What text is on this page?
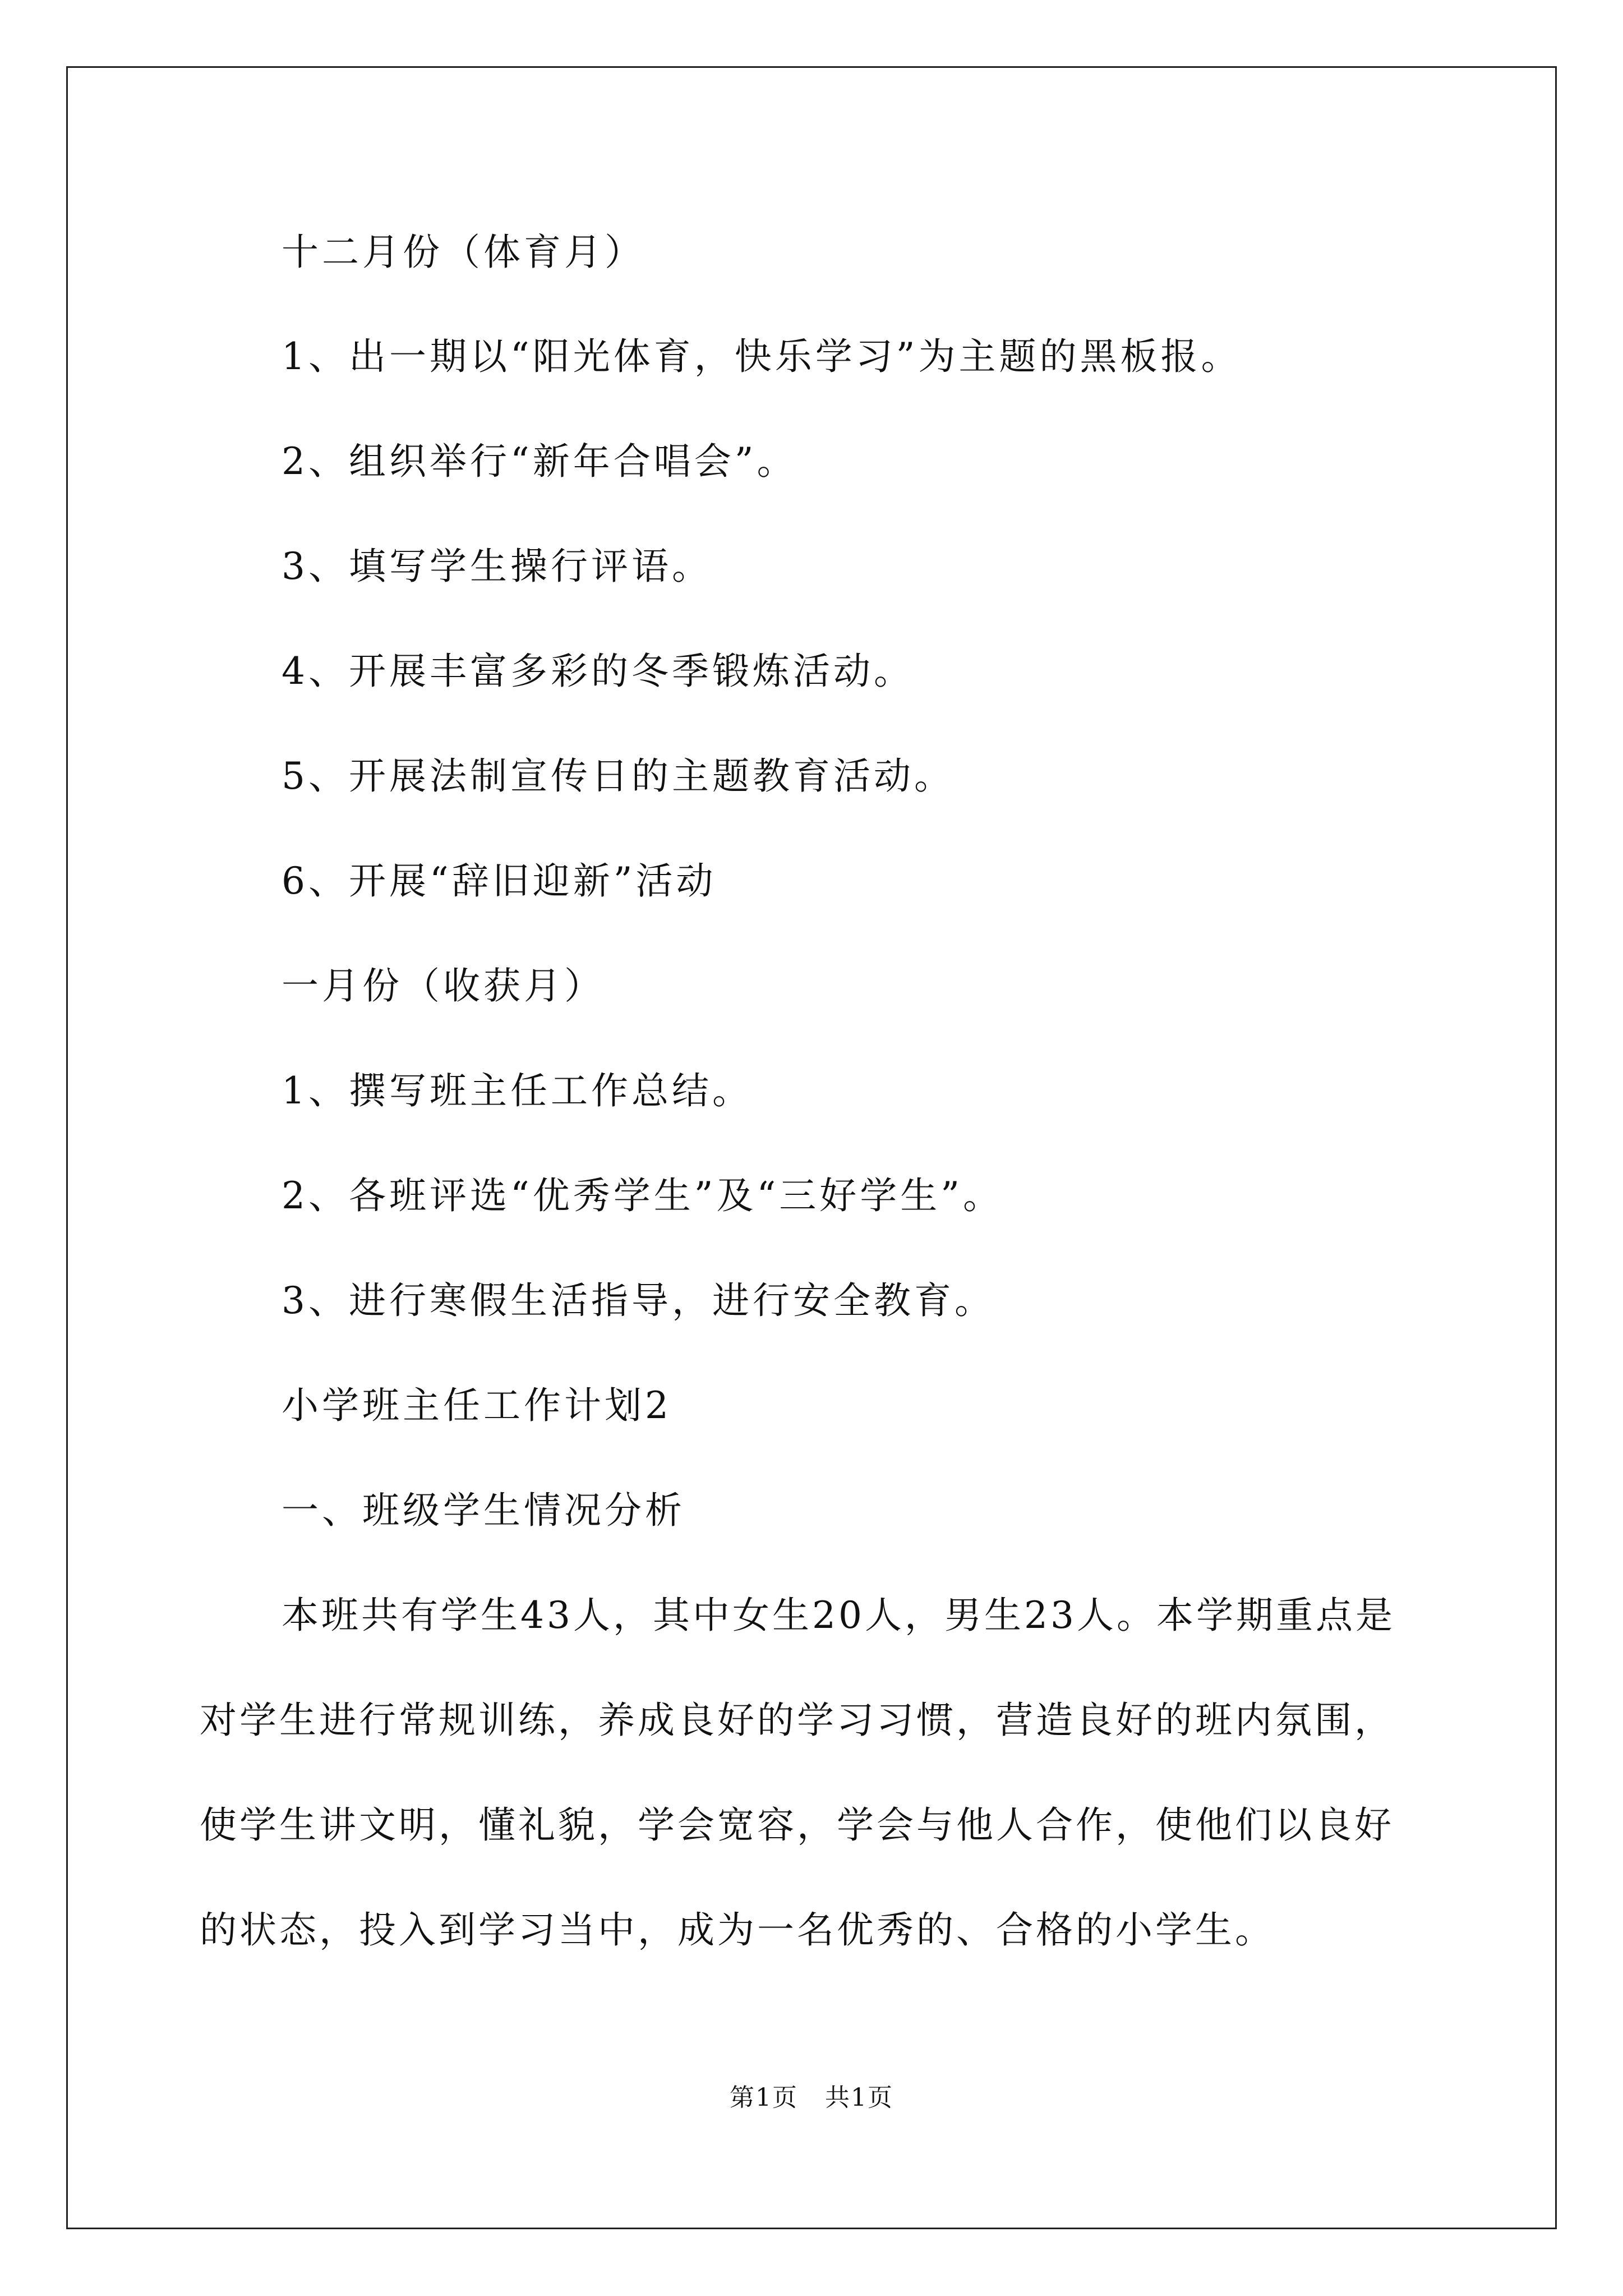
十二月份（体育月）
1、出一期以“阳光体育，快乐学习”为主题的黑板报。
2、组织举行“新年合唱会”。
3、填写学生操行评语。
4、开展丰富多彩的冬季锻炼活动。
5、开展法制宣传日的主题教育活动。
6、开展“辞旧迎新”活动
一月份（收获月）
1、撰写班主任工作总结。
2、各班评选“优秀学生”及“三好学生”。
3、进行寒假生活指导，进行安全教育。
小学班主任工作计划2
一、班级学生情况分析
本班共有学生43人，其中女生20人，男生23人。本学期重点是
对学生进行常规训练，养成良好的学习习惯，营造良好的班内氛围，
使学生讲文明，懂礼貌，学会宽容，学会与他人合作，使他们以良好
的状态，投入到学习当中，成为一名优秀的、合格的小学生。
第1页 共1页
